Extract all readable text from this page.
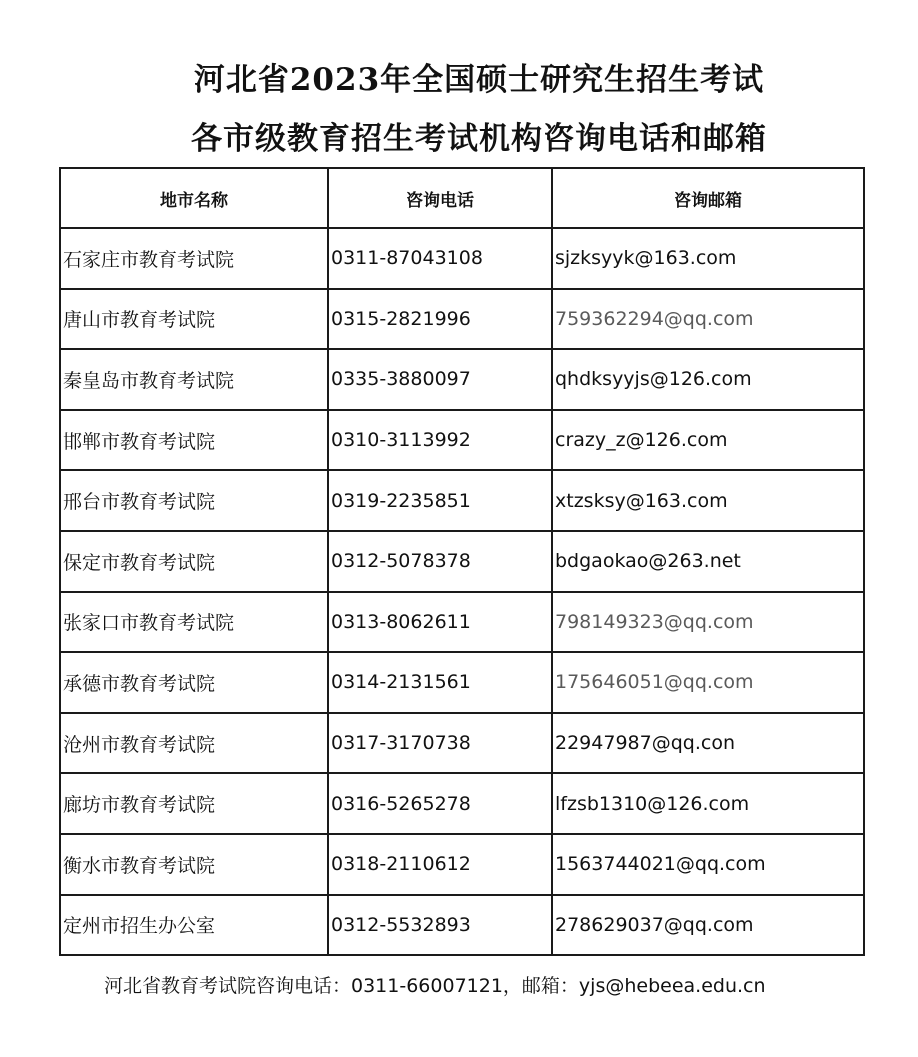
河北省2023年全国硕士研究生招生考试
各市级教育招生考试机构咨询电话和邮箱
地市名称	咨询电话	咨询邮箱
石家庄市教育考试院	0311-87043108	sjzksyyk@163.com
唐山市教育考试院	0315-2821996	759362294@qq.com
秦皇岛市教育考试院	0335-3880097	qhdksyyjs@126.com
邯郸市教育考试院	0310-3113992	crazy_z@126.com
邢台市教育考试院	0319-2235851	xtzsksy@163.com
保定市教育考试院	0312-5078378	bdgaokao@263.net
张家口市教育考试院	0313-8062611	798149323@qq.com
承德市教育考试院	0314-2131561	175646051@qq.com
沧州市教育考试院	0317-3170738	22947987@qq.con
廊坊市教育考试院	0316-5265278	lfzsb1310@126.com
衡水市教育考试院	0318-2110612	1563744021@qq.com
定州市招生办公室	0312-5532893	278629037@qq.com
河北省教育考试院咨询电话：0311-66007121，邮箱：yjs@hebeea.edu.cn
